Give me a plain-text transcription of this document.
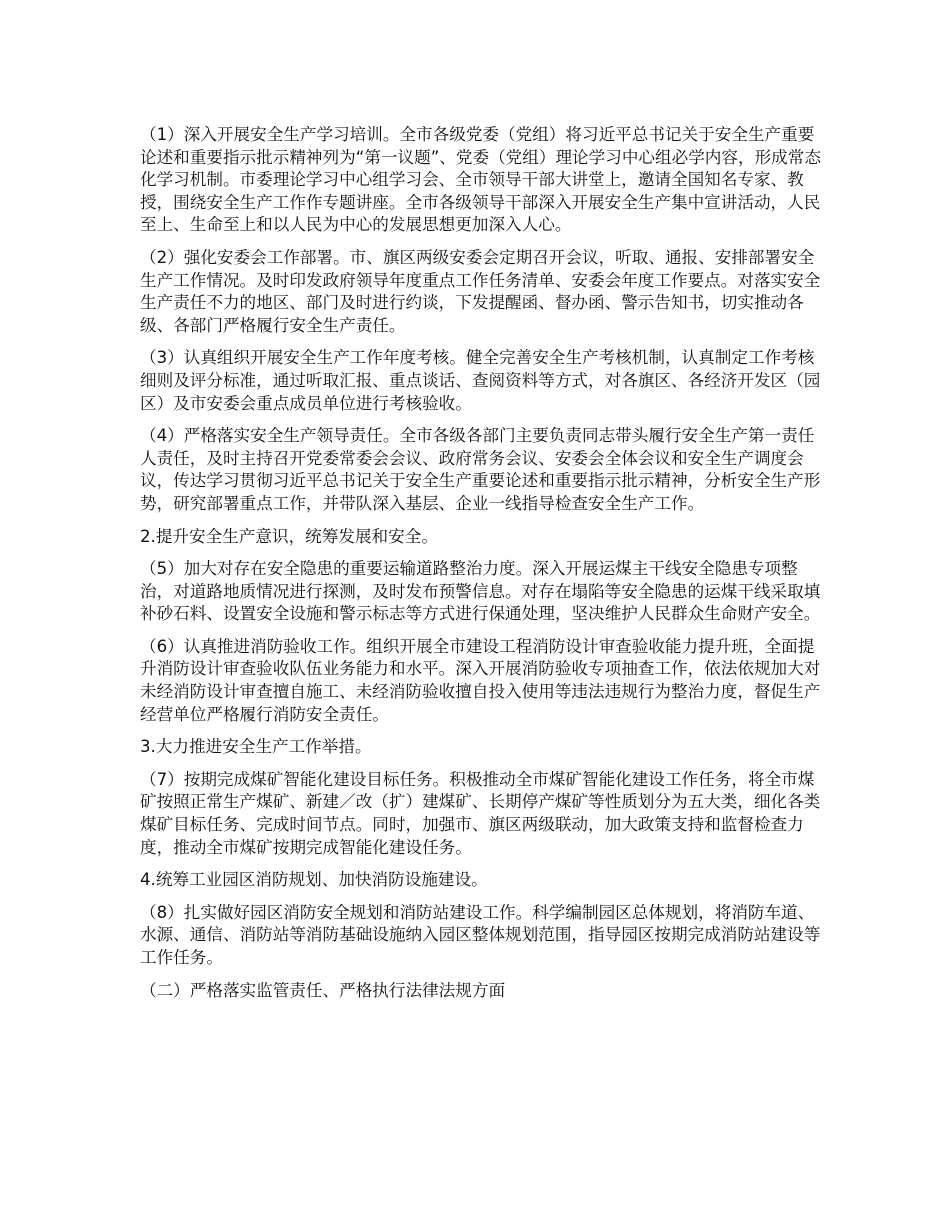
（1）深入开展安全生产学习培训。全市各级党委（党组）将习近平总书记关于安全生产重要论述和重要指示批示精神列为“第一议题”、党委（党组）理论学习中心组必学内容，形成常态化学习机制。市委理论学习中心组学习会、全市领导干部大讲堂上，邀请全国知名专家、教授，围绕安全生产工作作专题讲座。全市各级领导干部深入开展安全生产集中宣讲活动，人民至上、生命至上和以人民为中心的发展思想更加深入人心。

（2）强化安委会工作部署。市、旗区两级安委会定期召开会议，听取、通报、安排部署安全生产工作情况。及时印发政府领导年度重点工作任务清单、安委会年度工作要点。对落实安全生产责任不力的地区、部门及时进行约谈，下发提醒函、督办函、警示告知书，切实推动各级、各部门严格履行安全生产责任。

（3）认真组织开展安全生产工作年度考核。健全完善安全生产考核机制，认真制定工作考核细则及评分标准，通过听取汇报、重点谈话、查阅资料等方式，对各旗区、各经济开发区（园区）及市安委会重点成员单位进行考核验收。

（4）严格落实安全生产领导责任。全市各级各部门主要负责同志带头履行安全生产第一责任人责任，及时主持召开党委常委会会议、政府常务会议、安委会全体会议和安全生产调度会议，传达学习贯彻习近平总书记关于安全生产重要论述和重要指示批示精神，分析安全生产形势，研究部署重点工作，并带队深入基层、企业一线指导检查安全生产工作。

2.提升安全生产意识，统筹发展和安全。

（5）加大对存在安全隐患的重要运输道路整治力度。深入开展运煤主干线安全隐患专项整治，对道路地质情况进行探测，及时发布预警信息。对存在塌陷等安全隐患的运煤干线采取填补砂石料、设置安全设施和警示标志等方式进行保通处理，坚决维护人民群众生命财产安全。

（6）认真推进消防验收工作。组织开展全市建设工程消防设计审查验收能力提升班，全面提升消防设计审查验收队伍业务能力和水平。深入开展消防验收专项抽查工作，依法依规加大对未经消防设计审查擅自施工、未经消防验收擅自投入使用等违法违规行为整治力度，督促生产经营单位严格履行消防安全责任。

3.大力推进安全生产工作举措。

（7）按期完成煤矿智能化建设目标任务。积极推动全市煤矿智能化建设工作任务，将全市煤矿按照正常生产煤矿、新建／改（扩）建煤矿、长期停产煤矿等性质划分为五大类，细化各类煤矿目标任务、完成时间节点。同时，加强市、旗区两级联动，加大政策支持和监督检查力度，推动全市煤矿按期完成智能化建设任务。

4.统筹工业园区消防规划、加快消防设施建设。

（8）扎实做好园区消防安全规划和消防站建设工作。科学编制园区总体规划，将消防车道、水源、通信、消防站等消防基础设施纳入园区整体规划范围，指导园区按期完成消防站建设等工作任务。

（二）严格落实监管责任、严格执行法律法规方面
